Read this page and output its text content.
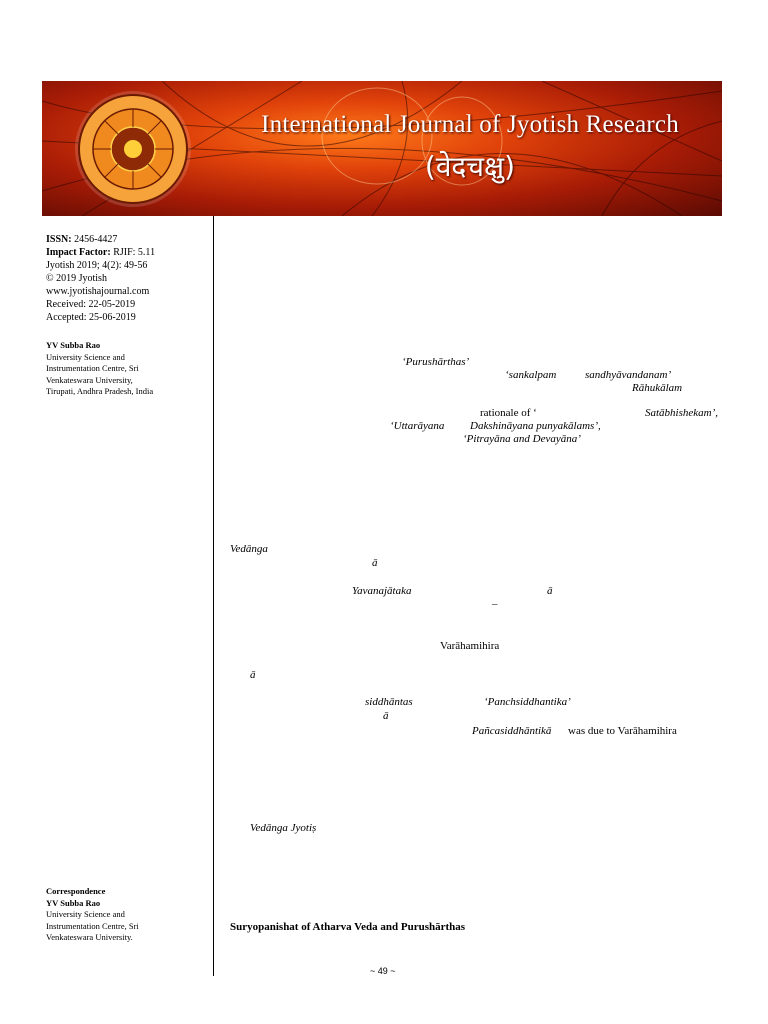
International Journal of Jyotish Research
(वेदचक्षु)
ISSN: 2456-4427
Impact Factor: RJIF: 5.11
Jyotish 2019; 4(2): 49-56
© 2019 Jyotish
www.jyotishajournal.com
Received: 22-05-2019
Accepted: 25-06-2019
YV Subba Rao
University Science and
Instrumentation Centre, Sri
Venkateswara University,
Tirupati, Andhra Pradesh, India
Correspondence
YV Subba Rao
University Science and
Instrumentation Centre, Sri
Venkateswara University.
‘Purushārthas’
‘sankalpam	sandhyāvandanam’
Rāhukālam
rationale of ‘	Satābhishekam’,
‘Uttarāyana Dakshināyana punyakālams’,
‘Pitrayāna and Devayāna’
Vedānga
ā
Yavanajātaka	ā
–
Varāhamihira
ā
siddhāntas	‘Panchsiddhantika’
ā
Pañcasiddhāntikā was due to Varāhamihira
Vedānga Jyotiṣ
Suryopanishat of Atharva Veda and Purushārthas
~ 49 ~
